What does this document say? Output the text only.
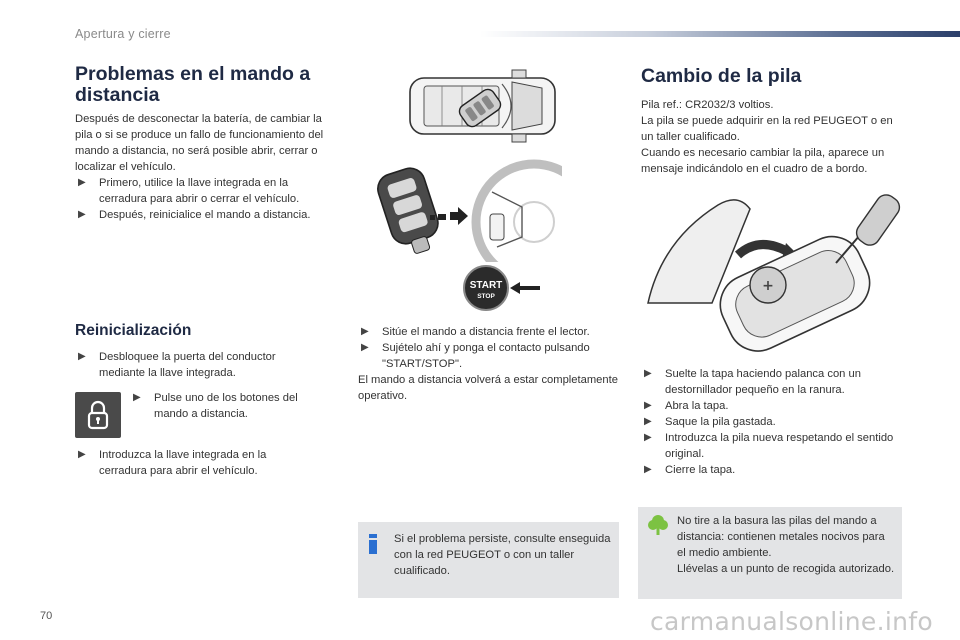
Apertura y cierre
Problemas en el mando a distancia

Después de desconectar la batería, de cambiar la pila o si se produce un fallo de funcionamiento del mando a distancia, no será posible abrir, cerrar o localizar el vehículo.

▶︎ Primero, utilice la llave integrada en la cerradura para abrir o cerrar el vehículo.
▶︎ Después, reinicialice el mando a distancia.
Reinicialización
▶︎ Desbloquee la puerta del conductor mediante la llave integrada.
▶︎ Pulse uno de los botones del mando a distancia.
▶︎ Introduzca la llave integrada en la cerradura para abrir el vehículo.
START
STOP
▶︎ Sitúe el mando a distancia frente el lector.
▶︎ Sujételo ahí y ponga el contacto pulsando "START/STOP".

El mando a distancia volverá a estar completamente operativo.

Si el problema persiste, consulte enseguida con la red PEUGEOT o con un taller cualificado.
Cambio de la pila

Pila ref.: CR2032/3 voltios.

La pila se puede adquirir en la red PEUGEOT o en un taller cualificado.

Cuando es necesario cambiar la pila, aparece un mensaje indicándolo en el cuadro de a bordo.

+
▶︎ Suelte la tapa haciendo palanca con un destornillador pequeño en la ranura.
▶︎ Abra la tapa.
▶︎ Saque la pila gastada.
▶︎ Introduzca la pila nueva respetando el sentido original.
▶︎ Cierre la tapa.

No tire a la basura las pilas del mando a distancia: contienen metales nocivos para el medio ambiente.

Llévelas a un punto de recogida autorizado.

70	carmanualsonline.info
